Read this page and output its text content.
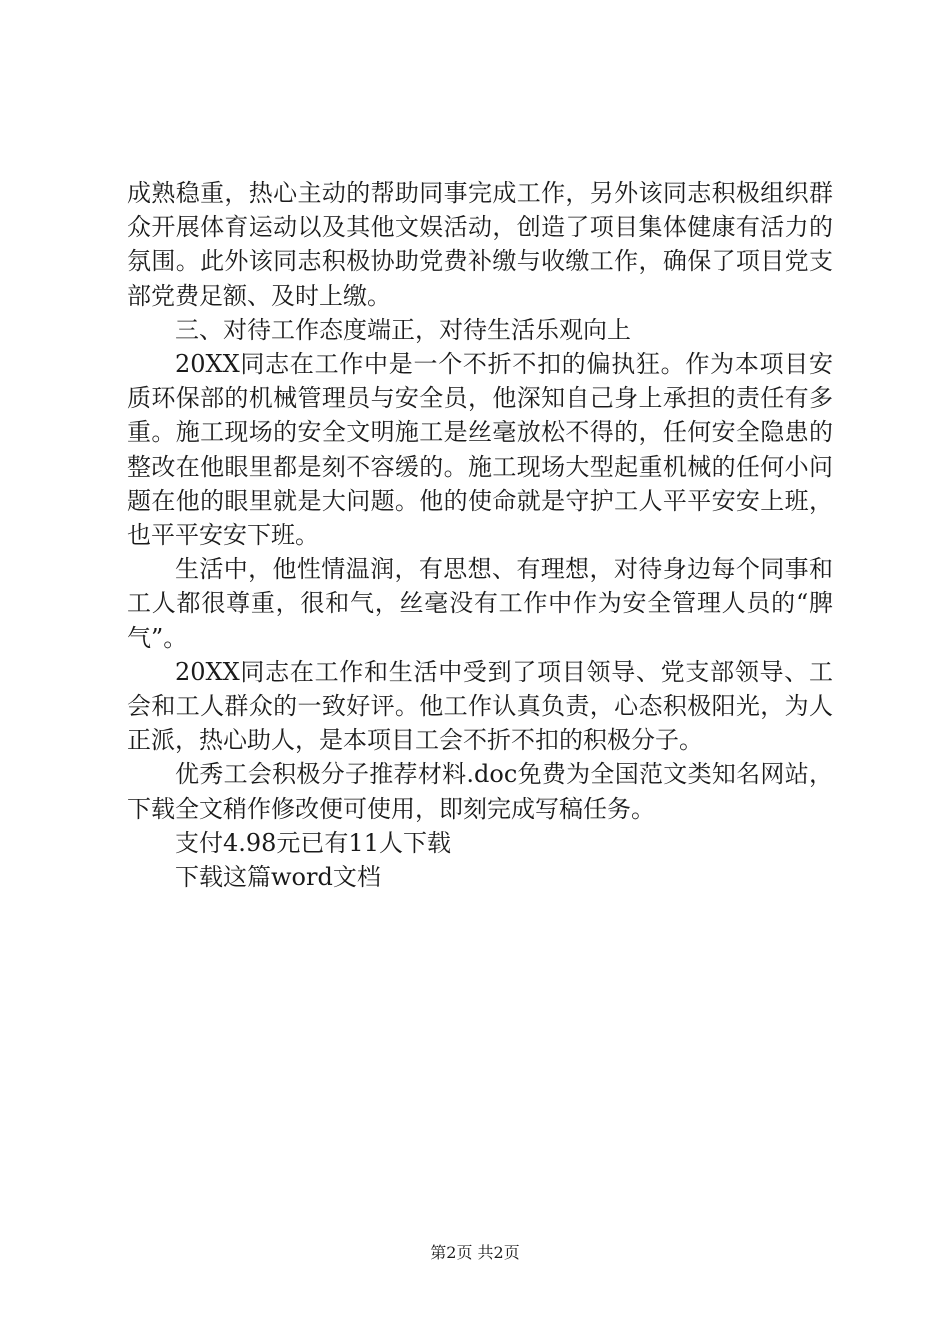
成熟稳重，热心主动的帮助同事完成工作，另外该同志积极组织群众开展体育运动以及其他文娱活动，创造了项目集体健康有活力的氛围。此外该同志积极协助党费补缴与收缴工作，确保了项目党支部党费足额、及时上缴。

三、对待工作态度端正，对待生活乐观向上

20XX同志在工作中是一个不折不扣的偏执狂。作为本项目安质环保部的机械管理员与安全员，他深知自己身上承担的责任有多重。施工现场的安全文明施工是丝毫放松不得的，任何安全隐患的整改在他眼里都是刻不容缓的。施工现场大型起重机械的任何小问题在他的眼里就是大问题。他的使命就是守护工人平平安安上班，也平平安安下班。

生活中，他性情温润，有思想、有理想，对待身边每个同事和工人都很尊重，很和气，丝毫没有工作中作为安全管理人员的“脾气”。

20XX同志在工作和生活中受到了项目领导、党支部领导、工会和工人群众的一致好评。他工作认真负责，心态积极阳光，为人正派，热心助人，是本项目工会不折不扣的积极分子。

优秀工会积极分子推荐材料.doc免费为全国范文类知名网站，下载全文稍作修改便可使用，即刻完成写稿任务。

支付4.98元已有11人下载

下载这篇word文档

第2页 共2页
